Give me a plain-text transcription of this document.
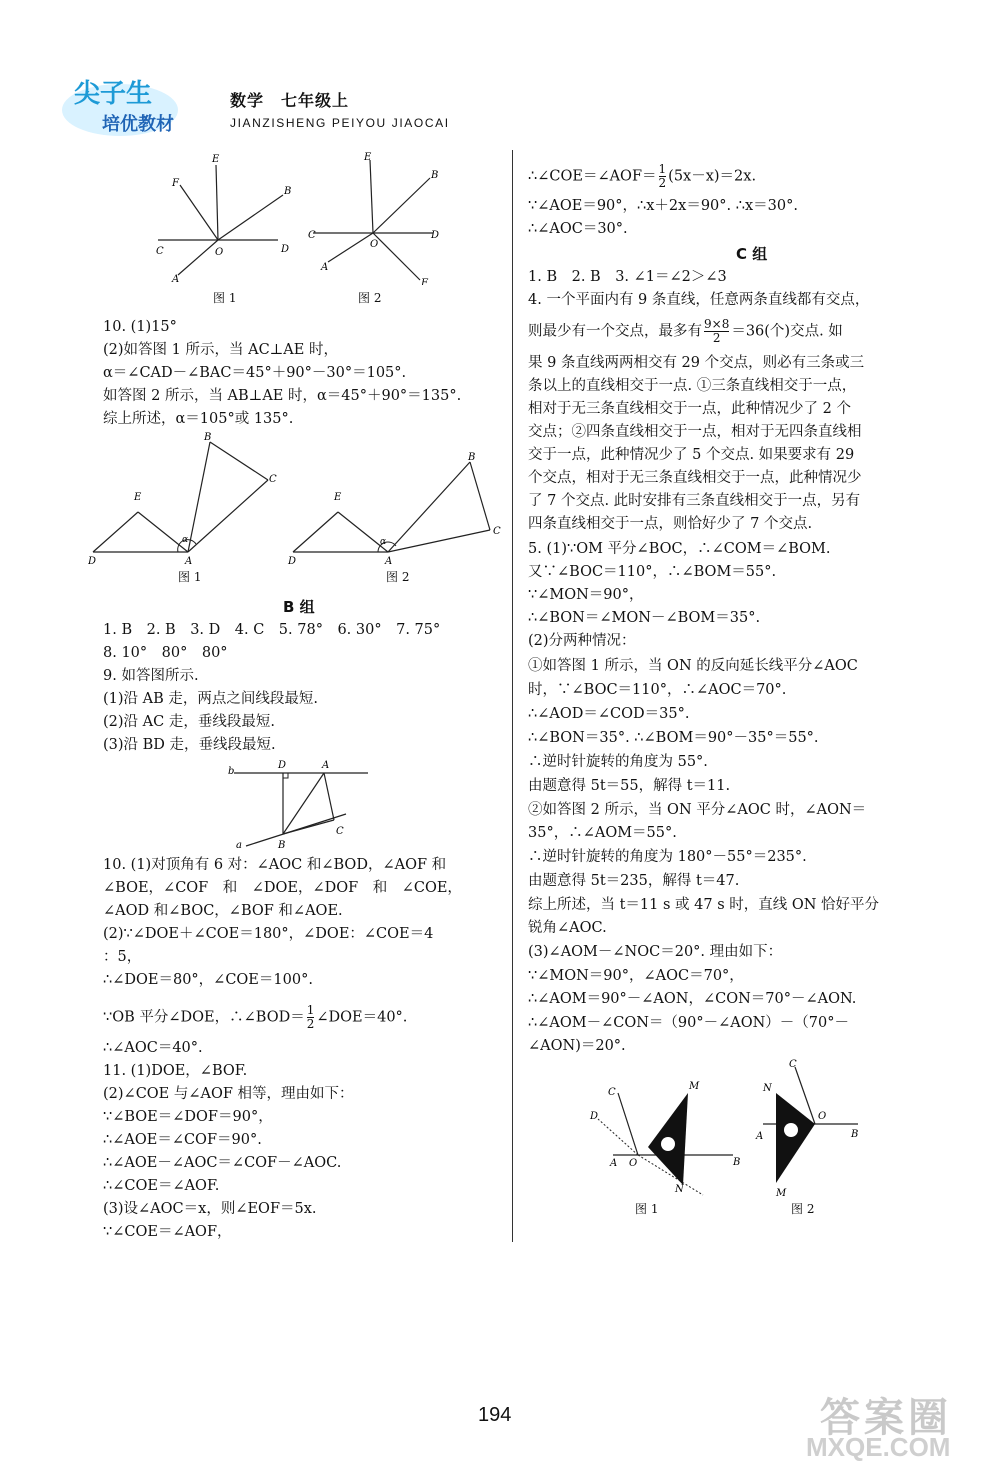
尖子生
培优教材
数学　七年级上
JIANZISHENG PEIYOU JIAOCAI
E
F
B
C	O	D
A
E
B
C
O
D
A
F
图 1	图 2
10. (1)15°
(2)如答图 1 所示，当 AC⊥AE 时，
α＝∠CAD－∠BAC＝45°＋90°－30°＝105°.
如答图 2 所示，当 AB⊥AE 时，α＝45°＋90°＝135°.
综上所述，α＝105°或 135°.
E
B
C
D	A
α
E
B
C
D	A
α
图 1	图 2
B 组
1. B　2. B　3. D　4. C　5. 78°　6. 30°　7. 75°
8. 10°　80°　80°
9. 如答图所示.
(1)沿 AB 走，两点之间线段最短.
(2)沿 AC 走，垂线段最短.
(3)沿 BD 走，垂线段最短.
b
D	A
a	B
C
10. (1)对顶角有 6 对：∠AOC 和∠BOD，∠AOF 和
∠BOE，∠COF　和　∠DOE，∠DOF　和　∠COE，
∠AOD 和∠BOC，∠BOF 和∠AOE.
(2)∵∠DOE＋∠COE＝180°，∠DOE：∠COE＝4
：5，
∴∠DOE＝80°，∠COE＝100°.
∵OB 平分∠DOE，∴∠BOD＝ $\frac{1}{2}$ ∠DOE＝40°.
∴∠AOC＝40°.
11. (1)DOE，∠BOF.
(2)∠COE 与∠AOF 相等，理由如下：
∵∠BOE＝∠DOF＝90°，
∴∠AOE＝∠COF＝90°.
∴∠AOE－∠AOC＝∠COF－∠AOC.
∴∠COE＝∠AOF.
(3)设∠AOC＝x，则∠EOF＝5x.
∵∠COE＝∠AOF，
∴∠COE＝∠AOF＝ $\frac{1}{2} (5x-x)=2x$.
∵∠AOE＝90°，∴x＋2x＝90°. ∴x＝30°.
∴∠AOC＝30°.
C 组
1. B　2. B　3. ∠1＝∠2＞∠3
4. 一个平面内有 9 条直线，任意两条直线都有交点，
则最少有一个交点，最多有 $\frac{9\times 8}{2} =36$(个)交点. 如
果 9 条直线两两相交有 29 个交点，则必有三条或三
条以上的直线相交于一点. ①三条直线相交于一点，
相对于无三条直线相交于一点，此种情况少了 2 个
交点；②四条直线相交于一点，相对于无四条直线相
交于一点，此种情况少了 5 个交点. 如果要求有 29
个交点，相对于无三条直线相交于一点，此种情况少
了 7 个交点. 此时安排有三条直线相交于一点，另有
四条直线相交于一点，则恰好少了 7 个交点.
5. (1)∵OM 平分∠BOC，∴∠COM＝∠BOM.
又∵∠BOC＝110°，∴∠BOM＝55°.
∵∠MON＝90°，
∴∠BON＝∠MON－∠BOM＝35°.
(2)分两种情况：
①如答图 1 所示，当 ON 的反向延长线平分∠AOC
时，∵∠BOC＝110°，∴∠AOC＝70°.
∴∠AOD＝∠COD＝35°.
∴∠BON＝35°. ∴∠BOM＝90°－35°＝55°.
∴逆时针旋转的角度为 55°.
由题意得 5t＝55，解得 t＝11.
②如答图 2 所示，当 ON 平分∠AOC 时，∠AON＝
35°，∴∠AOM＝55°.
∴逆时针旋转的角度为 180°－55°＝235°.
由题意得 5t＝235，解得 t＝47.
综上所述，当 t＝11 s 或 47 s 时，直线 ON 恰好平分
锐角∠AOC.
(3)∠AOM－∠NOC＝20°. 理由如下：
∵∠MON＝90°，∠AOC＝70°，
∴∠AOM＝90°－∠AON，∠CON＝70°－∠AON.
∴∠AOM－∠CON＝（90°－∠AON）－（70°－
∠AON)＝20°.
C
D
M
A O	B
N
C
N
O
A	B
M
图 1	图 2
194	答案圈
MXQE.COM
